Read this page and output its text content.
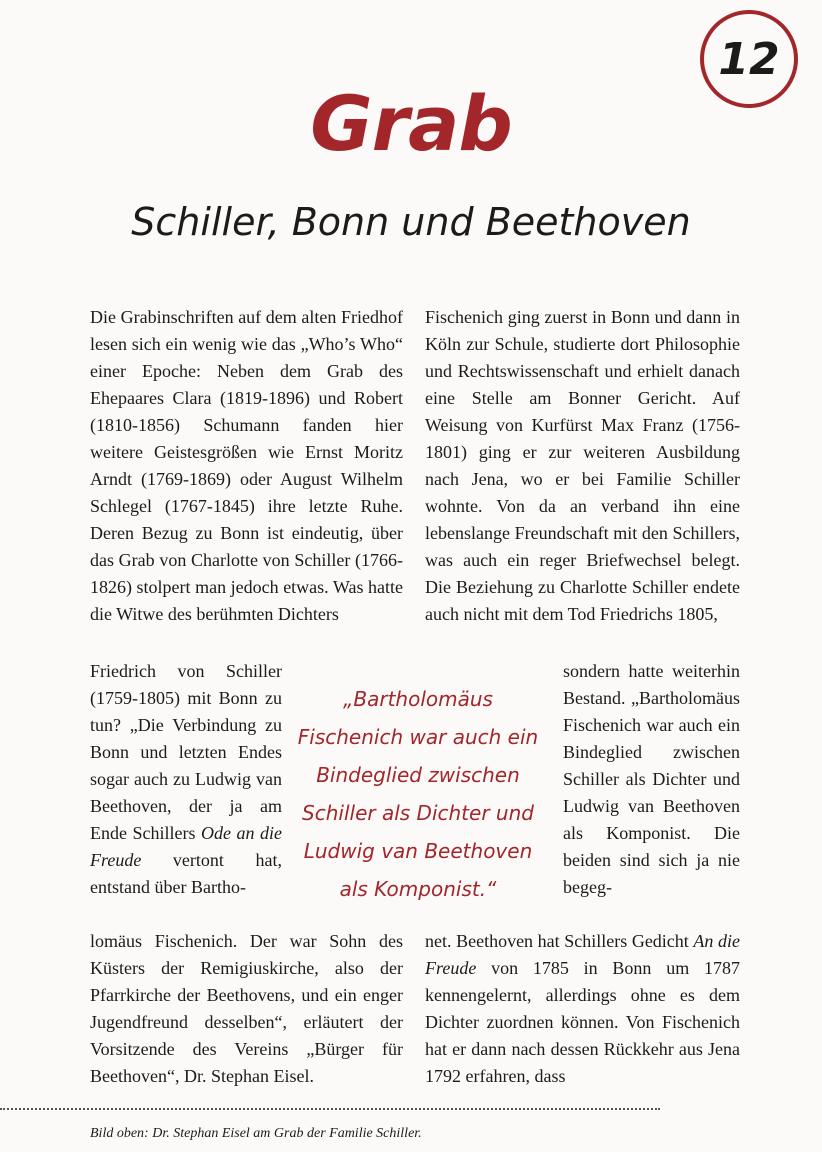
12
Grab
Schiller, Bonn und Beethoven

Die Grabinschriften auf dem alten Friedhof lesen sich ein wenig wie das „Who’s Who“ einer Epoche: Neben dem Grab des Ehepaares Clara (1819-1896) und Robert (1810-1856) Schumann fanden hier weitere Geistesgrößen wie Ernst Moritz Arndt (1769-1869) oder August Wilhelm Schlegel (1767-1845) ihre letzte Ruhe. Deren Bezug zu Bonn ist eindeutig, über das Grab von Charlotte von Schiller (1766-1826) stolpert man jedoch etwas. Was hatte die Witwe des berühmten Dichters

Friedrich von Schiller (1759-1805) mit Bonn zu tun? „Die Verbindung zu Bonn und letzten Endes sogar auch zu Ludwig van Beethoven, der ja am Ende Schillers Ode an die Freude vertont hat, entstand über Bartho-

lomäus Fischenich. Der war Sohn des Küsters der Remigiuskirche, also der Pfarrkirche der Beethovens, und ein enger Jugendfreund desselben“, erläutert der Vorsitzende des Vereins „Bürger für Beethoven“, Dr. Stephan Eisel.

„Bartholomäus Fischenich war auch ein Bindeglied zwischen Schiller als Dichter und Ludwig van Beethoven als Komponist.“

Fischenich ging zuerst in Bonn und dann in Köln zur Schule, studierte dort Philosophie und Rechtswissenschaft und erhielt danach eine Stelle am Bonner Gericht. Auf Weisung von Kurfürst Max Franz (1756-1801) ging er zur weiteren Ausbildung nach Jena, wo er bei Familie Schiller wohnte. Von da an verband ihn eine lebenslange Freundschaft mit den Schillers, was auch ein reger Briefwechsel belegt. Die Beziehung zu Charlotte Schiller endete auch nicht mit dem Tod Friedrichs 1805,

sondern hatte weiterhin Bestand. „Bartholomäus Fischenich war auch ein Bindeglied zwischen Schiller als Dichter und Ludwig van Beethoven als Komponist. Die beiden sind sich ja nie begeg-

net. Beethoven hat Schillers Gedicht An die Freude von 1785 in Bonn um 1787 kennengelernt, allerdings ohne es dem Dichter zuordnen können. Von Fischenich hat er dann nach dessen Rückkehr aus Jena 1792 erfahren, dass

Bild oben: Dr. Stephan Eisel am Grab der Familie Schiller.
